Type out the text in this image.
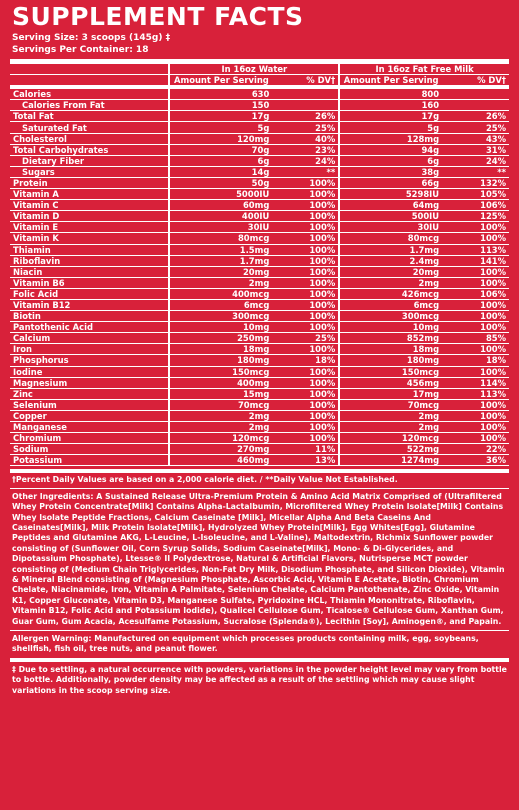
SUPPLEMENT FACTS
Serving Size: 3 scoops (145g) ‡
Servings Per Container: 18
	In 16oz Water		In 16oz Fat Free Milk	
	Amount Per Serving	% DV†	Amount Per Serving	% DV†
Calories	630		800	
Calories From Fat	150		160	
Total Fat	17g	26%	17g	26%
Saturated Fat	5g	25%	5g	25%
Cholesterol	120mg	40%	128mg	43%
Total Carbohydrates	70g	23%	94g	31%
Dietary Fiber	6g	24%	6g	24%
Sugars	14g	**	38g	**
Protein	50g	100%	66g	132%
Vitamin A	5000IU	100%	5298IU	105%
Vitamin C	60mg	100%	64mg	106%
Vitamin D	400IU	100%	500IU	125%
Vitamin E	30IU	100%	30IU	100%
Vitamin K	80mcg	100%	80mcg	100%
Thiamin	1.5mg	100%	1.7mg	113%
Riboflavin	1.7mg	100%	2.4mg	141%
Niacin	20mg	100%	20mg	100%
Vitamin B6	2mg	100%	2mg	100%
Folic Acid	400mcg	100%	426mcg	106%
Vitamin B12	6mcg	100%	6mcg	100%
Biotin	300mcg	100%	300mcg	100%
Pantothenic Acid	10mg	100%	10mg	100%
Calcium	250mg	25%	852mg	85%
Iron	18mg	100%	18mg	100%
Phosphorus	180mg	18%	180mg	18%
Iodine	150mcg	100%	150mcg	100%
Magnesium	400mg	100%	456mg	114%
Zinc	15mg	100%	17mg	113%
Selenium	70mcg	100%	70mcg	100%
Copper	2mg	100%	2mg	100%
Manganese	2mg	100%	2mg	100%
Chromium	120mcg	100%	120mcg	100%
Sodium	270mg	11%	522mg	22%
Potassium	460mg	13%	1274mg	36%
†Percent Daily Values are based on a 2,000 calorie diet. / **Daily Value Not Established.
Other Ingredients: A Sustained Release Ultra-Premium Protein & Amino Acid Matrix Comprised of (Ultrafiltered Whey Protein Concentrate[Milk] Contains Alpha-Lactalbumin, Microfiltered Whey Protein Isolate[Milk] Contains Whey Isolate Peptide Fractions, Calcium Caseinate [Milk], Micellar Alpha And Beta Caseins And Caseinates[Milk], Milk Protein Isolate[Milk], Hydrolyzed Whey Protein[Milk], Egg Whites[Egg], Glutamine Peptides and Glutamine AKG, L-Leucine, L-Isoleucine, and L-Valine), Maltodextrin, Richmix Sunflower powder consisting of (Sunflower Oil, Corn Syrup Solids, Sodium Caseinate[Milk], Mono- & Di-Glycerides, and Dipotassium Phosphate), Ltesse® II Polydextrose, Natural & Artificial Flavors, Nutrisperse MCT powder consisting of (Medium Chain Triglycerides, Non-Fat Dry Milk, Disodium Phosphate, and Silicon Dioxide), Vitamin & Mineral Blend consisting of (Magnesium Phosphate, Ascorbic Acid, Vitamin E Acetate, Biotin, Chromium Chelate, Niacinamide, Iron, Vitamin A Palmitate, Selenium Chelate, Calcium Pantothenate, Zinc Oxide, Vitamin K1, Copper Gluconate, Vitamin D3, Manganese Sulfate, Pyridoxine HCL, Thiamin Mononitrate, Riboflavin, Vitamin B12, Folic Acid and Potassium Iodide), Qualicel Cellulose Gum, Ticalose® Cellulose Gum, Xanthan Gum, Guar Gum, Gum Acacia, Acesulfame Potassium, Sucralose (Splenda®), Lecithin [Soy], Aminogen®, and Papain.
Allergen Warning: Manufactured on equipment which processes products containing milk, egg, soybeans, shellfish, fish oil, tree nuts, and peanut flower.
‡ Due to settling, a natural occurrence with powders, variations in the powder height level may vary from bottle to bottle. Additionally, powder density may be affected as a result of the settling which may cause slight variations in the scoop serving size.
